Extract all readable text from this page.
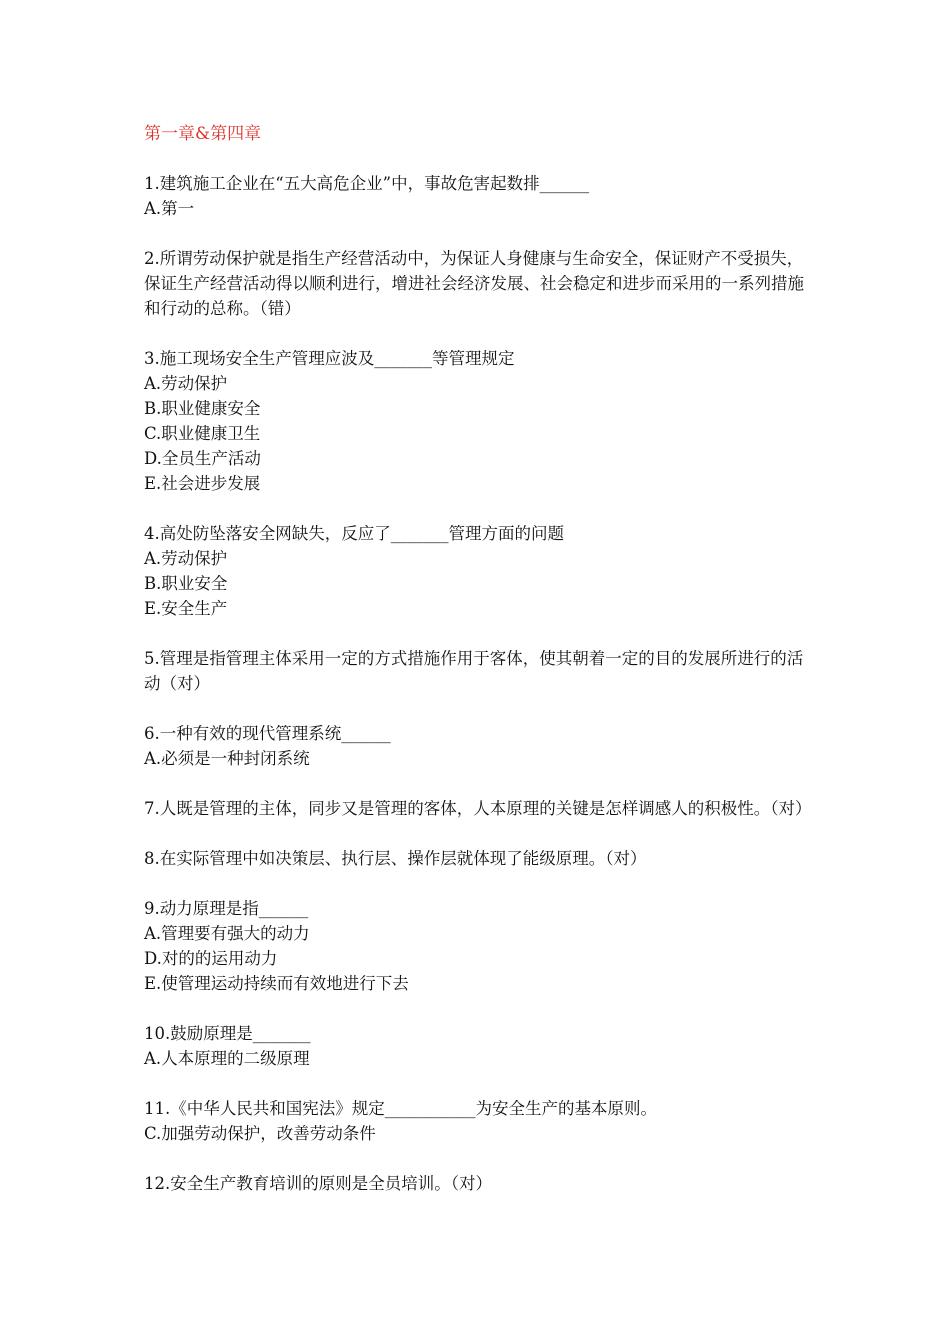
第一章&第四章
1.建筑施工企业在“五大高危企业”中，事故危害起数排______
A.第一
2.所谓劳动保护就是指生产经营活动中，为保证人身健康与生命安全，保证财产不受损失，保证生产经营活动得以顺利进行，增进社会经济发展、社会稳定和进步而采用的一系列措施和行动的总称。（错）
3.施工现场安全生产管理应波及_______等管理规定
A.劳动保护
B.职业健康安全
C.职业健康卫生
D.全员生产活动
E.社会进步发展
4.高处防坠落安全网缺失，反应了_______管理方面的问题
A.劳动保护
B.职业安全
E.安全生产
5.管理是指管理主体采用一定的方式措施作用于客体，使其朝着一定的目的发展所进行的活动（对）
6.一种有效的现代管理系统______
A.必须是一种封闭系统
7.人既是管理的主体，同步又是管理的客体，人本原理的关键是怎样调感人的积极性。（对）
8.在实际管理中如决策层、执行层、操作层就体现了能级原理。（对）
9.动力原理是指______
A.管理要有强大的动力
D.对的的运用动力
E.使管理运动持续而有效地进行下去
10.鼓励原理是_______
A.人本原理的二级原理
11.《中华人民共和国宪法》规定___________为安全生产的基本原则。
C.加强劳动保护，改善劳动条件
12.安全生产教育培训的原则是全员培训。（对）
